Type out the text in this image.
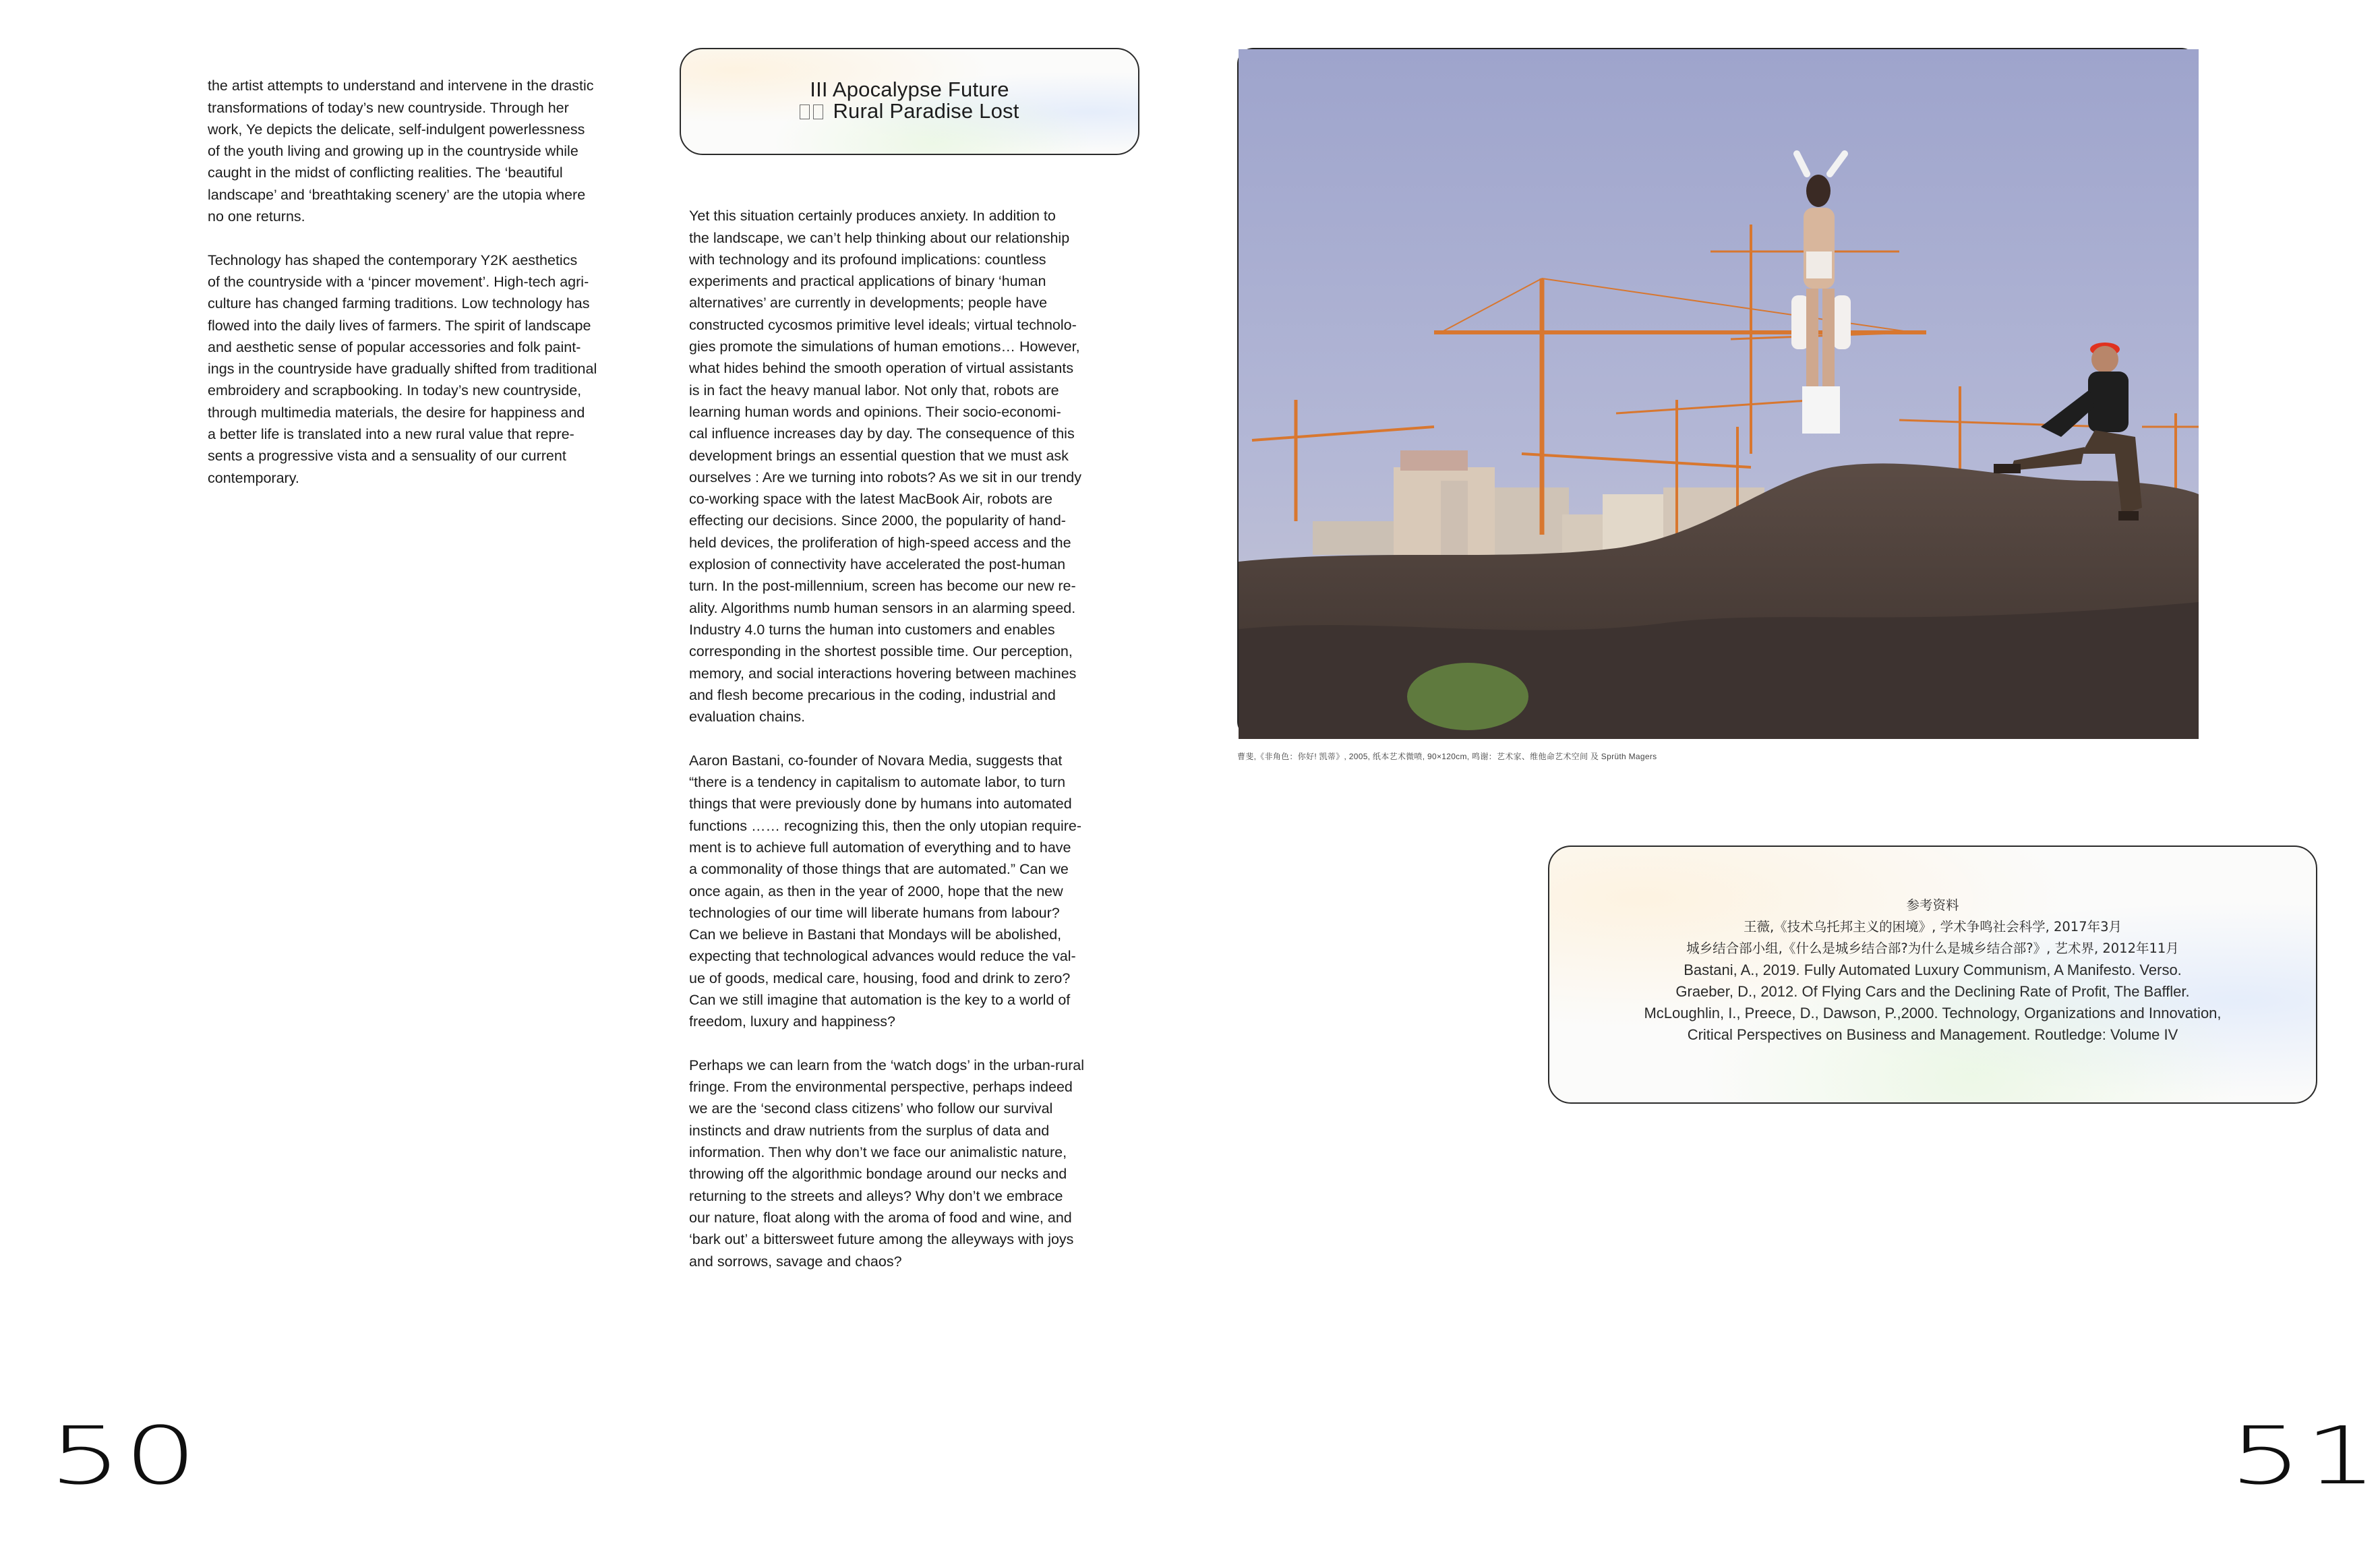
the artist attempts to understand and intervene in the drastic
transformations of today’s new countryside. Through her
work, Ye depicts the delicate, self-indulgent powerlessness
of the youth living and growing up in the countryside while
caught in the midst of conflicting realities. The ‘beautiful
landscape’ and ‘breathtaking scenery’ are the utopia where
no one returns.

Technology has shaped the contemporary Y2K aesthetics
of the countryside with a ‘pincer movement’. High-tech agri-
culture has changed farming traditions. Low technology has
flowed into the daily lives of farmers. The spirit of landscape
and aesthetic sense of popular accessories and folk paint-
ings in the countryside have gradually shifted from traditional
embroidery and scrapbooking. In today’s new countryside,
through multimedia materials, the desire for happiness and
a better life is translated into a new rural value that repre-
sents a progressive vista and a sensuality of our current
contemporary.

III Apocalypse Future
Rural Paradise Lost

Yet this situation certainly produces anxiety. In addition to
the landscape, we can’t help thinking about our relationship
with technology and its profound implications: countless
experiments and practical applications of binary ‘human
alternatives’ are currently in developments; people have
constructed cycosmos primitive level ideals; virtual technolo-
gies promote the simulations of human emotions… However,
what hides behind the smooth operation of virtual assistants
is in fact the heavy manual labor. Not only that, robots are
learning human words and opinions. Their socio-economi-
cal influence increases day by day. The consequence of this
development brings an essential question that we must ask
ourselves : Are we turning into robots? As we sit in our trendy
co-working space with the latest MacBook Air, robots are
effecting our decisions. Since 2000, the popularity of hand-
held devices, the proliferation of high-speed access and the
explosion of connectivity have accelerated the post-human
turn. In the post-millennium, screen has become our new re-
ality. Algorithms numb human sensors in an alarming speed.
Industry 4.0 turns the human into customers and enables
corresponding in the shortest possible time. Our perception,
memory, and social interactions hovering between machines
and flesh become precarious in the coding, industrial and
evaluation chains.

Aaron Bastani, co-founder of Novara Media, suggests that
“there is a tendency in capitalism to automate labor, to turn
things that were previously done by humans into automated
functions …… recognizing this, then the only utopian require-
ment is to achieve full automation of everything and to have
a commonality of those things that are automated.” Can we
once again, as then in the year of 2000, hope that the new
technologies of our time will liberate humans from labour?
Can we believe in Bastani that Mondays will be abolished,
expecting that technological advances would reduce the val-
ue of goods, medical care, housing, food and drink to zero?
Can we still imagine that automation is the key to a world of
freedom, luxury and happiness?

Perhaps we can learn from the ‘watch dogs’ in the urban-rural
fringe. From the environmental perspective, perhaps indeed
we are the ‘second class citizens’ who follow our survival
instincts and draw nutrients from the surplus of data and
information. Then why don’t we face our animalistic nature,
throwing off the algorithmic bondage around our necks and
returning to the streets and alleys? Why don’t we embrace
our nature, float along with the aroma of food and wine, and
‘bark out’ a bittersweet future among the alleyways with joys
and sorrows, savage and chaos?

曹斐,《非角色：你好! 凯蒂》, 2005, 纸本艺术微喷, 90×120cm, 鸣谢：艺术家、维他命艺术空间 及 Sprüth Magers

参考资料
王薇,《技术乌托邦主义的困境》, 学术争鸣社会科学, 2017年3月
城乡结合部小组,《什么是城乡结合部?为什么是城乡结合部?》, 艺术界, 2012年11月
Bastani, A., 2019. Fully Automated Luxury Communism, A Manifesto. Verso.
Graeber, D., 2012. Of Flying Cars and the Declining Rate of Profit, The Baffler.
McLoughlin, I., Preece, D., Dawson, P.,2000. Technology, Organizations and Innovation,
Critical Perspectives on Business and Management. Routledge: Volume IV

50	51
